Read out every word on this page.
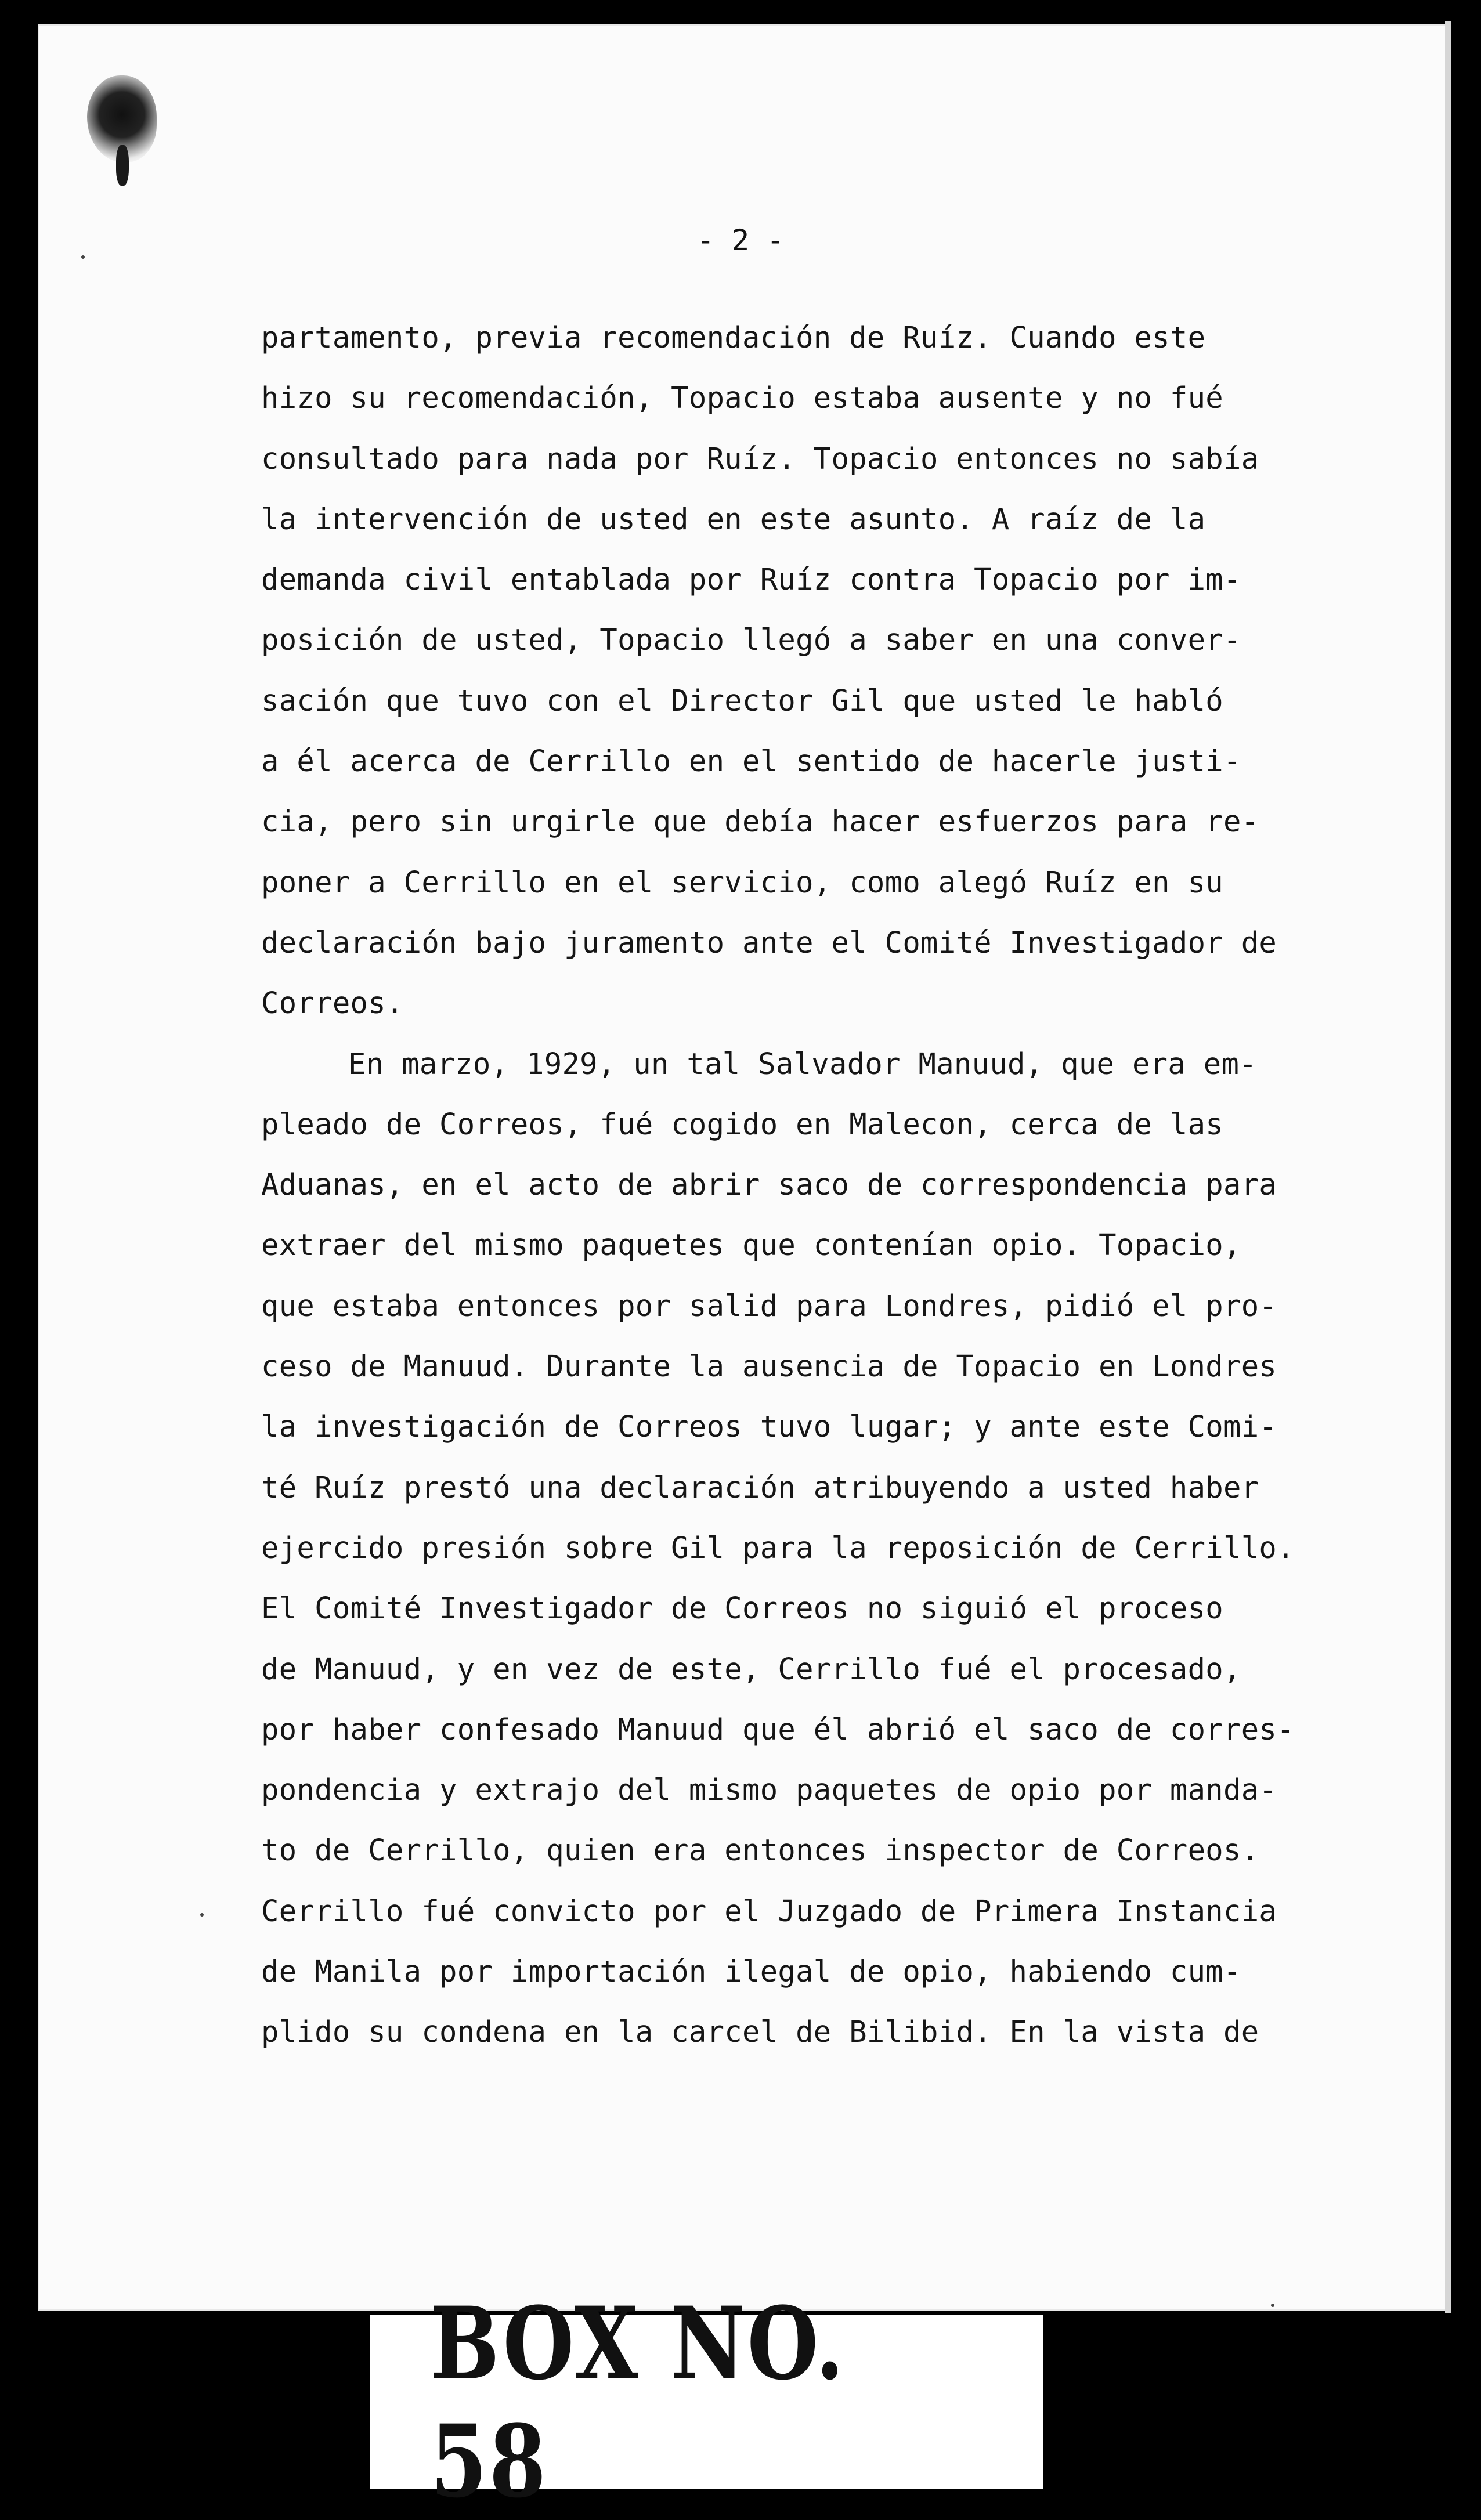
- 2 -
partamento, previa recomendación de Ruíz. Cuando este
hizo su recomendación, Topacio estaba ausente y no fué
consultado para nada por Ruíz. Topacio entonces no sabía
la intervención de usted en este asunto. A raíz de la
demanda civil entablada por Ruíz contra Topacio por im-
posición de usted, Topacio llegó a saber en una conver-
sación que tuvo con el Director Gil que usted le habló
a él acerca de Cerrillo en el sentido de hacerle justi-
cia, pero sin urgirle que debía hacer esfuerzos para re-
poner a Cerrillo en el servicio, como alegó Ruíz en su
declaración bajo juramento ante el Comité Investigador de
Correos.
En marzo, 1929, un tal Salvador Manuud, que era em-
pleado de Correos, fué cogido en Malecon, cerca de las
Aduanas, en el acto de abrir saco de correspondencia para
extraer del mismo paquetes que contenían opio. Topacio,
que estaba entonces por salid para Londres, pidió el pro-
ceso de Manuud. Durante la ausencia de Topacio en Londres
la investigación de Correos tuvo lugar; y ante este Comi-
té Ruíz prestó una declaración atribuyendo a usted haber
ejercido presión sobre Gil para la reposición de Cerrillo.
El Comité Investigador de Correos no siguió el proceso
de Manuud, y en vez de este, Cerrillo fué el procesado,
por haber confesado Manuud que él abrió el saco de corres-
pondencia y extrajo del mismo paquetes de opio por manda-
to de Cerrillo, quien era entonces inspector de Correos.
Cerrillo fué convicto por el Juzgado de Primera Instancia
de Manila por importación ilegal de opio, habiendo cum-
plido su condena en la carcel de Bilibid. En la vista de
BOX NO. 58
